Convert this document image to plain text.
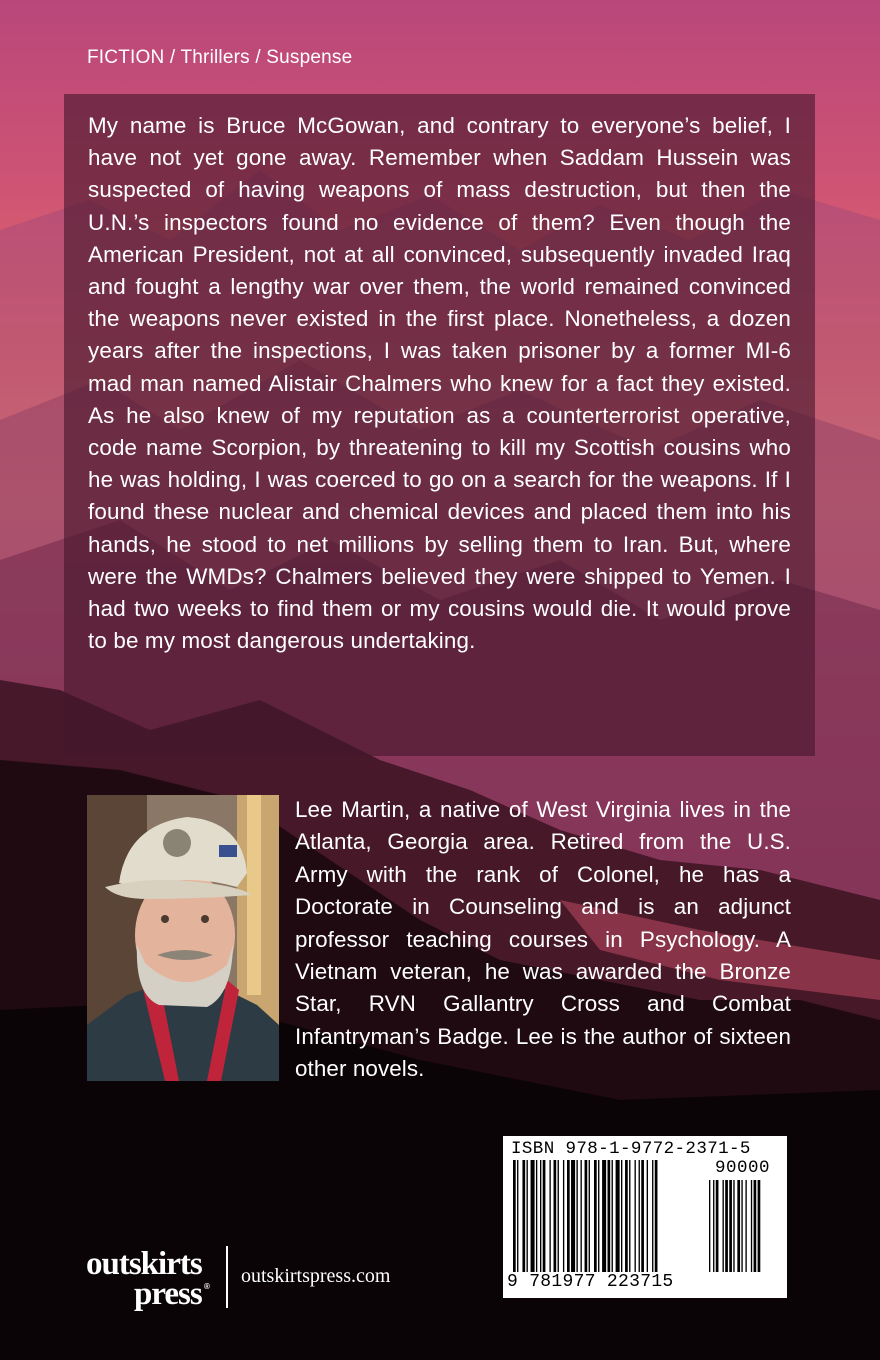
FICTION / Thrillers / Suspense

My name is Bruce McGowan, and contrary to everyone’s belief, I have not yet gone away. Remember when Saddam Hussein was suspected of having weapons of mass destruction, but then the U.N.’s inspectors found no evidence of them? Even though the American President, not at all convinced, subsequently invaded Iraq and fought a lengthy war over them, the world remained convinced the weapons never existed in the first place. Nonetheless, a dozen years after the inspections, I was taken prisoner by a former MI-6 mad man named Alistair Chalmers who knew for a fact they existed. As he also knew of my reputation as a counterterrorist operative, code name Scorpion, by threatening to kill my Scottish cousins who he was holding, I was coerced to go on a search for the weapons. If I found these nuclear and chemical devices and placed them into his hands, he stood to net millions by selling them to Iran. But, where were the WMDs? Chalmers believed they were shipped to Yemen. I had two weeks to find them or my cousins would die. It would prove to be my most dangerous undertaking.

Lee Martin, a native of West Virginia lives in the Atlanta, Georgia area. Retired from the U.S. Army with the rank of Colonel, he has a Doctorate in Counseling and is an adjunct professor teaching courses in Psychology. A Vietnam veteran, he was awarded the Bronze Star, RVN Gallantry Cross and Combat Infantryman’s Badge. Lee is the author of sixteen other novels.

outskirts
press ® outskirtspress.com
ISBN 978-1-9772-2371-5
90000
9 781977 223715
